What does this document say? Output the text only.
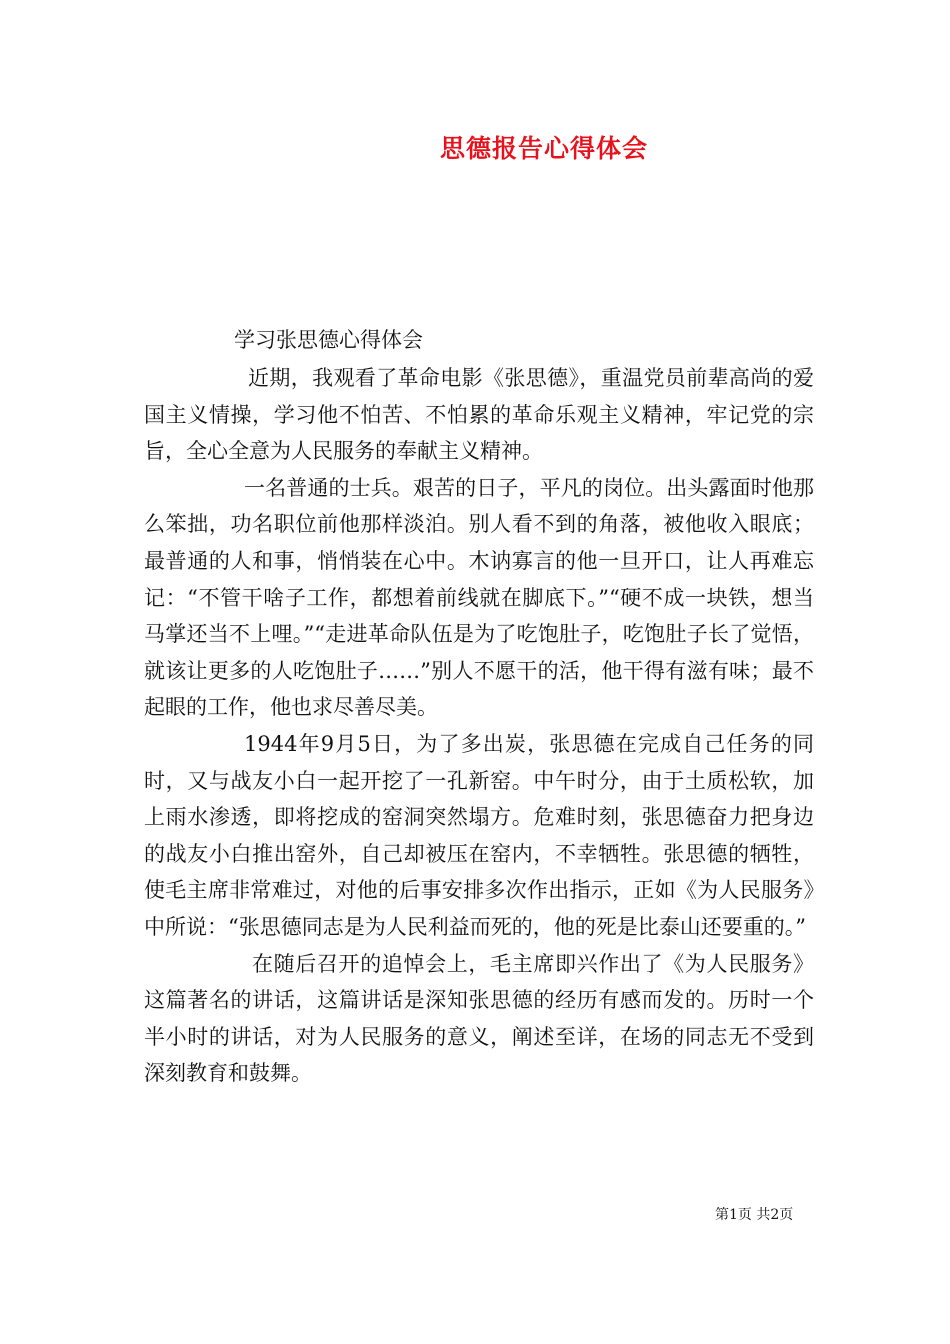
思德报告心得体会
学习张思德心得体会

近期，我观看了革命电影《张思德》，重温党员前辈高尚的爱国主义情操，学习他不怕苦、不怕累的革命乐观主义精神，牢记党的宗旨，全心全意为人民服务的奉献主义精神。

一名普通的士兵。艰苦的日子，平凡的岗位。出头露面时他那么笨拙，功名职位前他那样淡泊。别人看不到的角落，被他收入眼底；最普通的人和事，悄悄装在心中。木讷寡言的他一旦开口，让人再难忘记：“不管干啥子工作，都想着前线就在脚底下。”“硬不成一块铁，想当马掌还当不上哩。”“走进革命队伍是为了吃饱肚子，吃饱肚子长了觉悟，就该让更多的人吃饱肚子……”别人不愿干的活，他干得有滋有味；最不起眼的工作，他也求尽善尽美。

1944年9月5日，为了多出炭，张思德在完成自己任务的同时，又与战友小白一起开挖了一孔新窑。中午时分，由于土质松软，加上雨水渗透，即将挖成的窑洞突然塌方。危难时刻，张思德奋力把身边的战友小白推出窑外，自己却被压在窑内，不幸牺牲。张思德的牺牲，使毛主席非常难过，对他的后事安排多次作出指示，正如《为人民服务》中所说：“张思德同志是为人民利益而死的，他的死是比泰山还要重的。”

在随后召开的追悼会上，毛主席即兴作出了《为人民服务》这篇著名的讲话，这篇讲话是深知张思德的经历有感而发的。历时一个半小时的讲话，对为人民服务的意义，阐述至详，在场的同志无不受到深刻教育和鼓舞。

第1页 共2页
